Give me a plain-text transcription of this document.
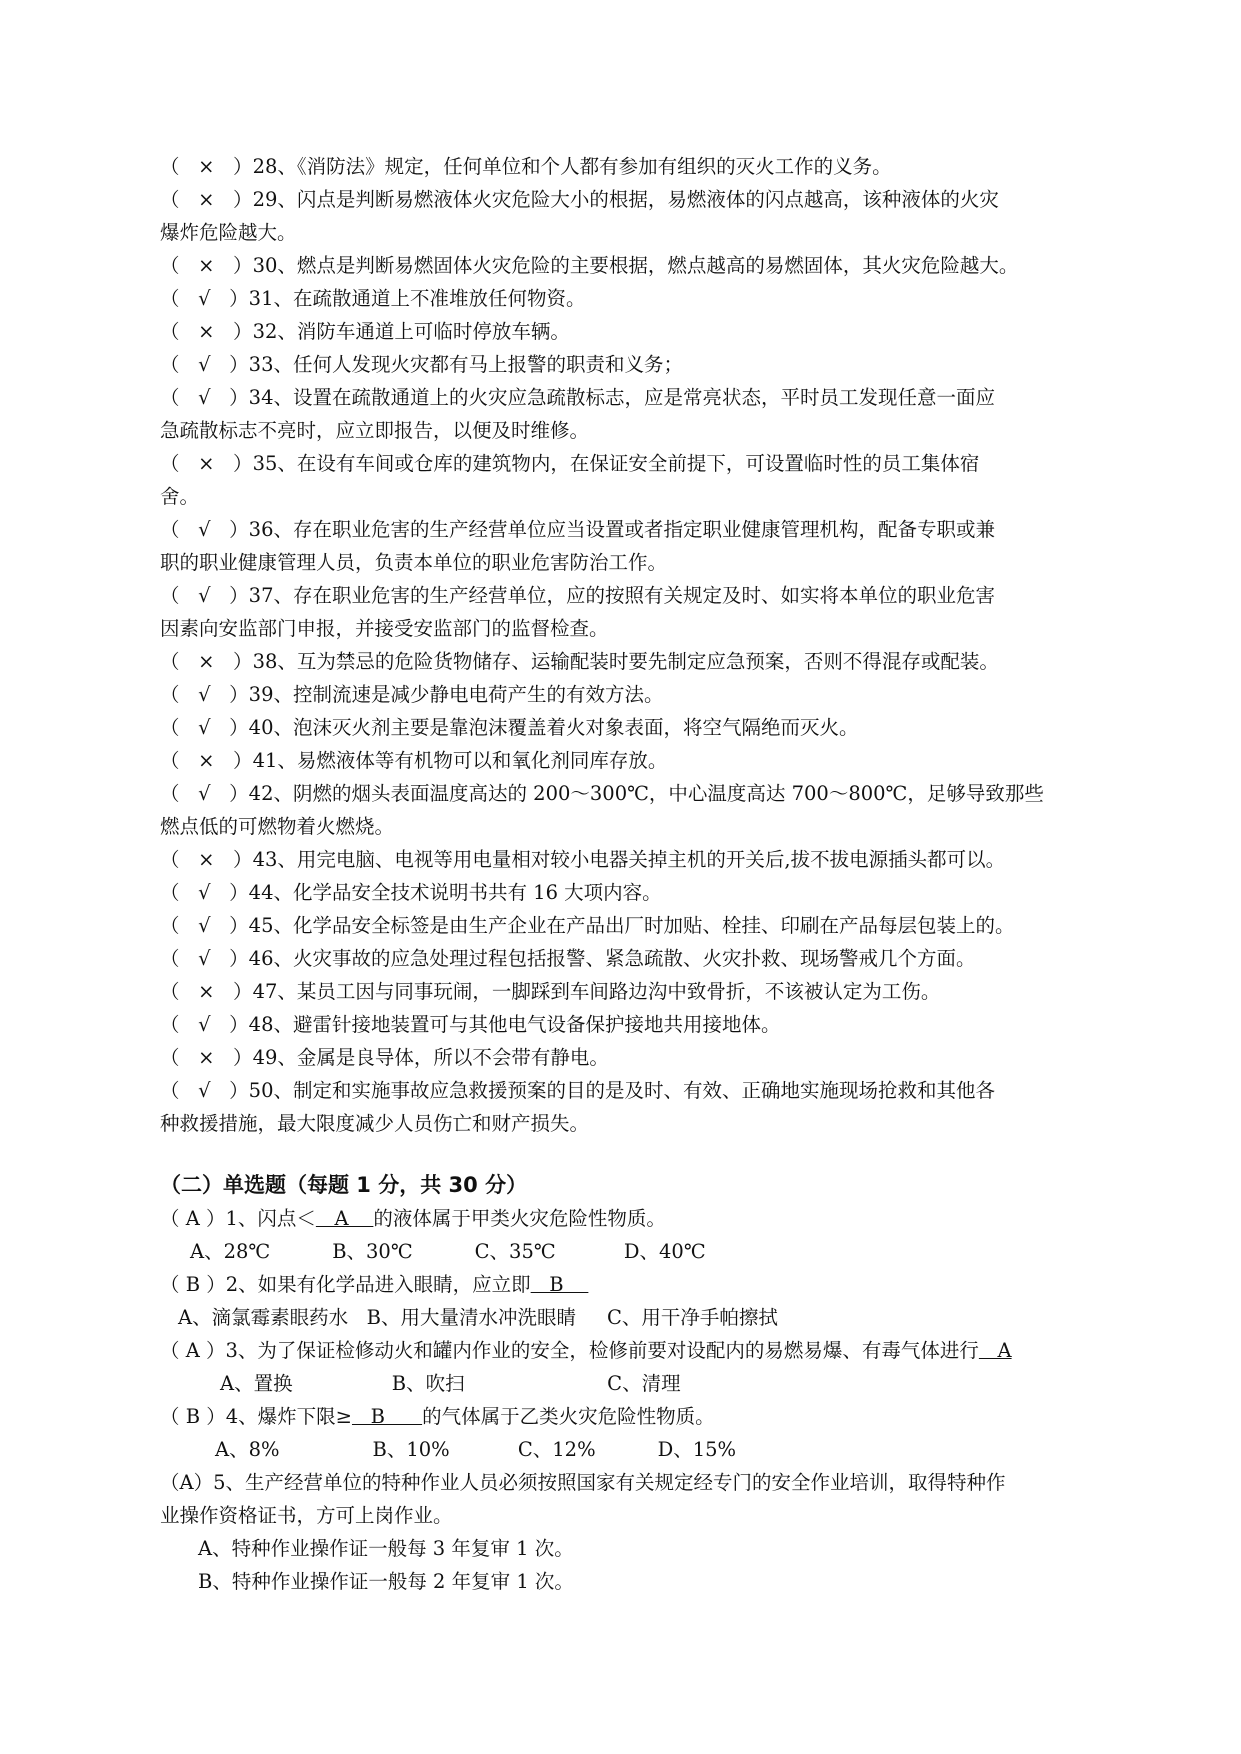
（   ×   ）28、《消防法》规定，任何单位和个人都有参加有组织的灭火工作的义务。
（   ×   ）29、闪点是判断易燃液体火灾危险大小的根据，易燃液体的闪点越高，该种液体的火灾
爆炸危险越大。
（   ×   ）30、燃点是判断易燃固体火灾危险的主要根据，燃点越高的易燃固体，其火灾危险越大。
（   √   ）31、在疏散通道上不准堆放任何物资。
（   ×   ）32、消防车通道上可临时停放车辆。
（   √   ）33、任何人发现火灾都有马上报警的职责和义务；
（   √   ）34、设置在疏散通道上的火灾应急疏散标志，应是常亮状态，平时员工发现任意一面应
急疏散标志不亮时，应立即报告，以便及时维修。
（   ×   ）35、在设有车间或仓库的建筑物内，在保证安全前提下，可设置临时性的员工集体宿
舍。
（   √   ）36、存在职业危害的生产经营单位应当设置或者指定职业健康管理机构，配备专职或兼
职的职业健康管理人员，负责本单位的职业危害防治工作。
（   √   ）37、存在职业危害的生产经营单位，应的按照有关规定及时、如实将本单位的职业危害
因素向安监部门申报，并接受安监部门的监督检查。
（   ×   ）38、互为禁忌的危险货物储存、运输配装时要先制定应急预案，否则不得混存或配装。
（   √   ）39、控制流速是减少静电电荷产生的有效方法。
（   √   ）40、泡沫灭火剂主要是靠泡沫覆盖着火对象表面，将空气隔绝而灭火。
（   ×   ）41、易燃液体等有机物可以和氧化剂同库存放。
（   √   ）42、阴燃的烟头表面温度高达的 200～300℃，中心温度高达 700～800℃，足够导致那些
燃点低的可燃物着火燃烧。
（   ×   ）43、用完电脑、电视等用电量相对较小电器关掉主机的开关后,拔不拔电源插头都可以。
（   √   ）44、化学品安全技术说明书共有 16 大项内容。
（   √   ）45、化学品安全标签是由生产企业在产品出厂时加贴、栓挂、印刷在产品每层包装上的。
（   √   ）46、火灾事故的应急处理过程包括报警、紧急疏散、火灾扑救、现场警戒几个方面。
（   ×   ）47、某员工因与同事玩闹，一脚踩到车间路边沟中致骨折，不该被认定为工伤。
（   √   ）48、避雷针接地装置可与其他电气设备保护接地共用接地体。
（   ×   ）49、金属是良导体，所以不会带有静电。
（   √   ）50、制定和实施事故应急救援预案的目的是及时、有效、正确地实施现场抢救和其他各
种救援措施，最大限度减少人员伤亡和财产损失。
（二）单选题（每题 1 分，共 30 分）
（ A ）1、闪点＜   A    的液体属于甲类火灾危险性物质。
A、28℃          B、30℃          C、35℃           D、40℃
（ B ）2、如果有化学品进入眼睛，应立即   B
A、滴氯霉素眼药水   B、用大量清水冲洗眼睛     C、用干净手帕擦拭
（ A ）3、为了保证检修动火和罐内作业的安全，检修前要对设配内的易燃易爆、有毒气体进行   A
A、置换                B、吹扫                       C、清理
（ B ）4、爆炸下限≥   B      的气体属于乙类火灾危险性物质。
A、8%               B、10%           C、12%          D、15%
（A）5、生产经营单位的特种作业人员必须按照国家有关规定经专门的安全作业培训，取得特种作
业操作资格证书，方可上岗作业。
A、特种作业操作证一般每 3 年复审 1 次。
B、特种作业操作证一般每 2 年复审 1 次。
